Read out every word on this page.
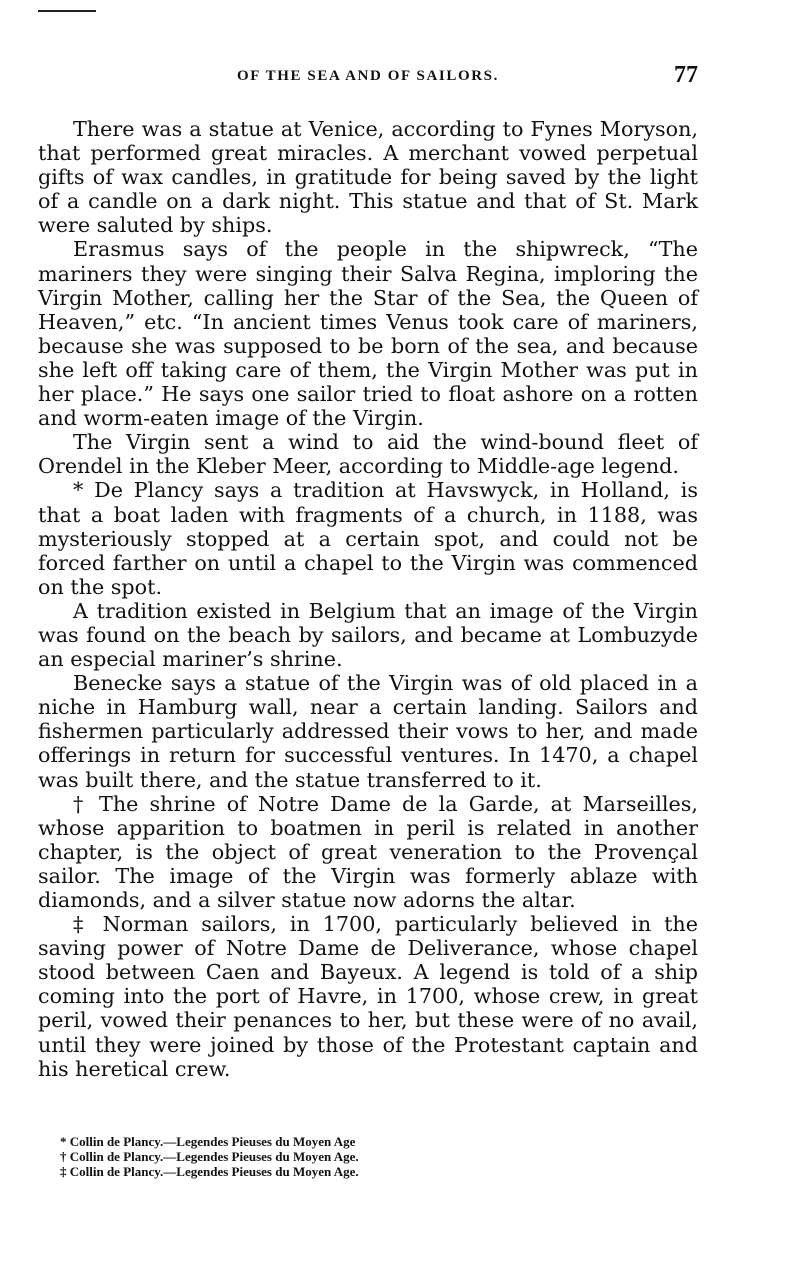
OF THE SEA AND OF SAILORS.	77

There was a statue at Venice, according to Fynes Moryson, that performed great miracles. A merchant vowed perpetual gifts of wax candles, in gratitude for being saved by the light of a candle on a dark night. This statue and that of St. Mark were saluted by ships.

Erasmus says of the people in the shipwreck, “The mariners they were singing their Salva Regina, imploring the Virgin Mother, calling her the Star of the Sea, the Queen of Heaven,” etc. “In ancient times Venus took care of mariners, because she was supposed to be born of the sea, and because she left off taking care of them, the Virgin Mother was put in her place.” He says one sailor tried to float ashore on a rotten and worm-eaten image of the Virgin.

The Virgin sent a wind to aid the wind-bound fleet of Orendel in the Kleber Meer, according to Middle-age legend.

* De Plancy says a tradition at Havswyck, in Holland, is that a boat laden with fragments of a church, in 1188, was mysteriously stopped at a certain spot, and could not be forced farther on until a chapel to the Virgin was commenced on the spot.

A tradition existed in Belgium that an image of the Virgin was found on the beach by sailors, and became at Lombuzyde an especial mariner’s shrine.

Benecke says a statue of the Virgin was of old placed in a niche in Hamburg wall, near a certain landing. Sailors and fishermen particularly addressed their vows to her, and made offerings in return for successful ventures. In 1470, a chapel was built there, and the statue transferred to it.

† The shrine of Notre Dame de la Garde, at Marseilles, whose apparition to boatmen in peril is related in another chapter, is the object of great veneration to the Provençal sailor. The image of the Virgin was formerly ablaze with diamonds, and a silver statue now adorns the altar.

‡ Norman sailors, in 1700, particularly believed in the saving power of Notre Dame de Deliverance, whose chapel stood between Caen and Bayeux. A legend is told of a ship coming into the port of Havre, in 1700, whose crew, in great peril, vowed their penances to her, but these were of no avail, until they were joined by those of the Protestant captain and his heretical crew.

* Collin de Plancy.—Legendes Pieuses du Moyen Age
† Collin de Plancy.—Legendes Pieuses du Moyen Age.
‡ Collin de Plancy.—Legendes Pieuses du Moyen Age.
